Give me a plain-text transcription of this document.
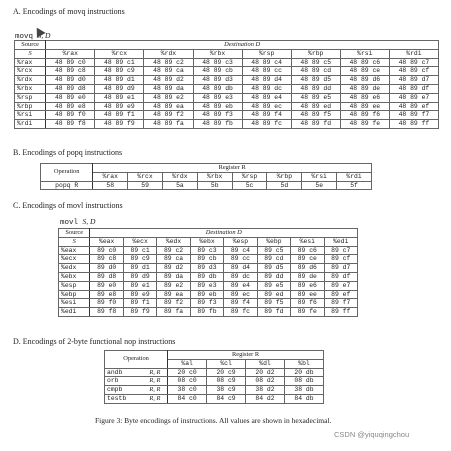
A. Encodings of movq instructions
movq S, D
Source	Destination D							
S	%rax	%rcx	%rdx	%rbx	%rsp	%rbp	%rsi	%rdi
%rax	48 89 c0	48 89 c1	48 89 c2	48 89 c3	48 89 c4	48 89 c5	48 89 c6	48 89 c7
%rcx	48 89 c8	48 89 c9	48 89 ca	48 89 cb	48 89 cc	48 89 cd	48 89 ce	48 89 cf
%rdx	48 89 d0	48 89 d1	48 89 d2	48 89 d3	48 89 d4	48 89 d5	48 89 d6	48 89 d7
%rbx	48 89 d8	48 89 d9	48 89 da	48 89 db	48 89 dc	48 89 dd	48 89 de	48 89 df
%rsp	48 89 e0	48 89 e1	48 89 e2	48 89 e3	48 89 e4	48 89 e5	48 89 e6	48 89 e7
%rbp	48 89 e8	48 89 e9	48 89 ea	48 89 eb	48 89 ec	48 89 ed	48 89 ee	48 89 ef
%rsi	48 89 f0	48 89 f1	48 89 f2	48 89 f3	48 89 f4	48 89 f5	48 89 f6	48 89 f7
%rdi	48 89 f8	48 89 f9	48 89 fa	48 89 fb	48 89 fc	48 89 fd	48 89 fe	48 89 ff
B. Encodings of popq instructions
Operation	Register R							
	%rax	%rcx	%rdx	%rbx	%rsp	%rbp	%rsi	%rdi
popq R	58	59	5a	5b	5c	5d	5e	5f
C. Encodings of movl instructions
movl S, D
Source	Destination D							
S	%eax	%ecx	%edx	%ebx	%esp	%ebp	%esi	%edi
%eax	89 c0	89 c1	89 c2	89 c3	89 c4	89 c5	89 c6	89 c7
%ecx	89 c8	89 c9	89 ca	89 cb	89 cc	89 cd	89 ce	89 cf
%edx	89 d0	89 d1	89 d2	89 d3	89 d4	89 d5	89 d6	89 d7
%ebx	89 d8	89 d9	89 da	89 db	89 dc	89 dd	89 de	89 df
%esp	89 e0	89 e1	89 e2	89 e3	89 e4	89 e5	89 e6	89 e7
%ebp	89 e8	89 e9	89 ea	89 eb	89 ec	89 ed	89 ee	89 ef
%esi	89 f0	89 f1	89 f2	89 f3	89 f4	89 f5	89 f6	89 f7
%edi	89 f8	89 f9	89 fa	89 fb	89 fc	89 fd	89 fe	89 ff
D. Encodings of 2-byte functional nop instructions
Operation		Register R			
		%al	%cl	%dl	%bl
andb	R, R	20 c0	20 c9	20 d2	20 db
orb	R, R	08 c0	08 c9	08 d2	08 db
cmpb	R, R	38 c0	38 c9	38 d2	38 db
testb	R, R	84 c0	84 c9	84 d2	84 db
Figure 3: Byte encodings of instructions. All values are shown in hexadecimal.
CSDN @yiquqingchou
